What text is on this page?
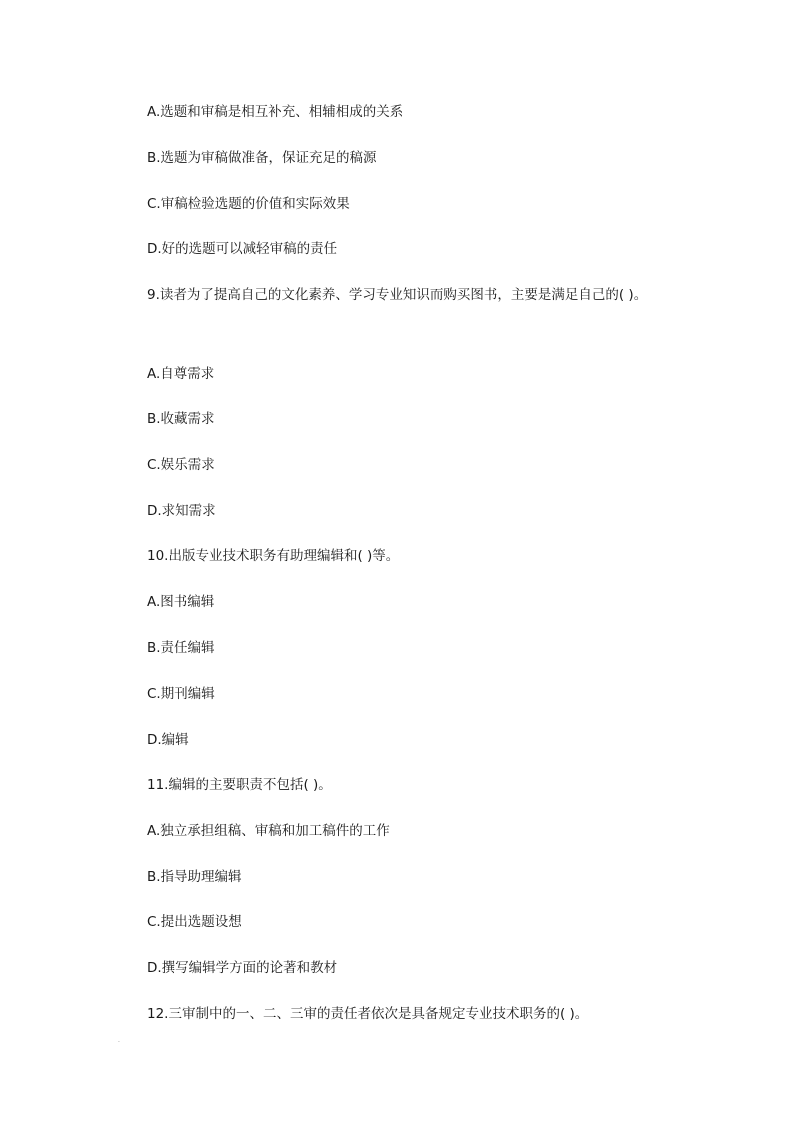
A.选题和审稿是相互补充、相辅相成的关系
B.选题为审稿做准备，保证充足的稿源
C.审稿检验选题的价值和实际效果
D.好的选题可以减轻审稿的责任
9.读者为了提高自己的文化素养、学习专业知识而购买图书，主要是满足自己的( )。
A.自尊需求
B.收藏需求
C.娱乐需求
D.求知需求
10.出版专业技术职务有助理编辑和( )等。
A.图书编辑
B.责任编辑
C.期刊编辑
D.编辑
11.编辑的主要职责不包括( )。
A.独立承担组稿、审稿和加工稿件的工作
B.指导助理编辑
C.提出选题设想
D.撰写编辑学方面的论著和教材
12.三审制中的一、二、三审的责任者依次是具备规定专业技术职务的( )。
.
